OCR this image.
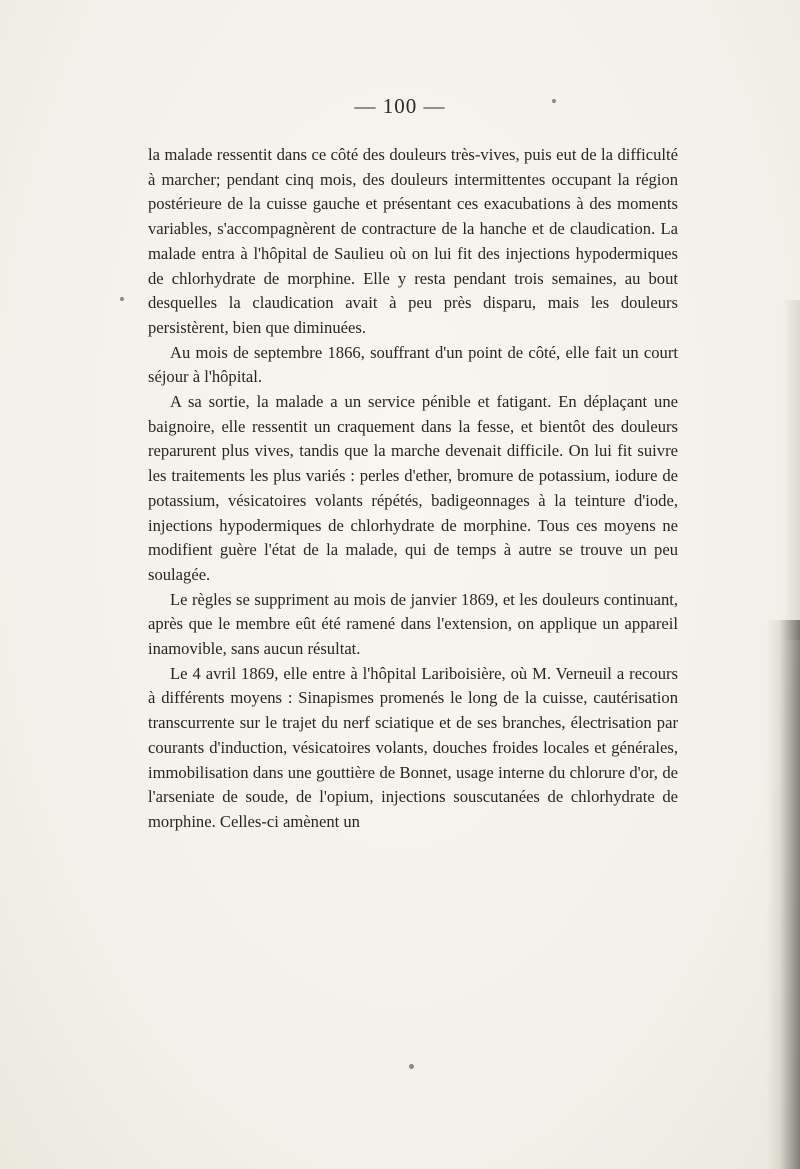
— 100 —

la malade ressentit dans ce côté des douleurs très-vives, puis eut de la difficulté à marcher; pendant cinq mois, des douleurs intermittentes occupant la région postérieure de la cuisse gauche et présentant ces exacubations à des moments variables, s'accompagnèrent de contracture de la hanche et de claudication. La malade entra à l'hôpital de Saulieu où on lui fit des injections hypodermiques de chlorhydrate de morphine. Elle y resta pendant trois semaines, au bout desquelles la claudication avait à peu près disparu, mais les douleurs persistèrent, bien que diminuées.

Au mois de septembre 1866, souffrant d'un point de côté, elle fait un court séjour à l'hôpital.

A sa sortie, la malade a un service pénible et fatigant. En déplaçant une baignoire, elle ressentit un craquement dans la fesse, et bientôt des douleurs reparurent plus vives, tandis que la marche devenait difficile. On lui fit suivre les traitements les plus variés : perles d'ether, bromure de potassium, iodure de potassium, vésicatoires volants répétés, badigeonnages à la teinture d'iode, injections hypodermiques de chlorhydrate de morphine. Tous ces moyens ne modifient guère l'état de la malade, qui de temps à autre se trouve un peu soulagée.

Le règles se suppriment au mois de janvier 1869, et les douleurs continuant, après que le membre eût été ramené dans l'extension, on applique un appareil inamovible, sans aucun résultat.

Le 4 avril 1869, elle entre à l'hôpital Lariboisière, où M. Verneuil a recours à différents moyens : Sinapismes promenés le long de la cuisse, cautérisation transcurrente sur le trajet du nerf sciatique et de ses branches, électrisation par courants d'induction, vésicatoires volants, douches froides locales et générales, immobilisation dans une gouttière de Bonnet, usage interne du chlorure d'or, de l'arseniate de soude, de l'opium, injections souscutanées de chlorhydrate de morphine. Celles-ci amènent un
